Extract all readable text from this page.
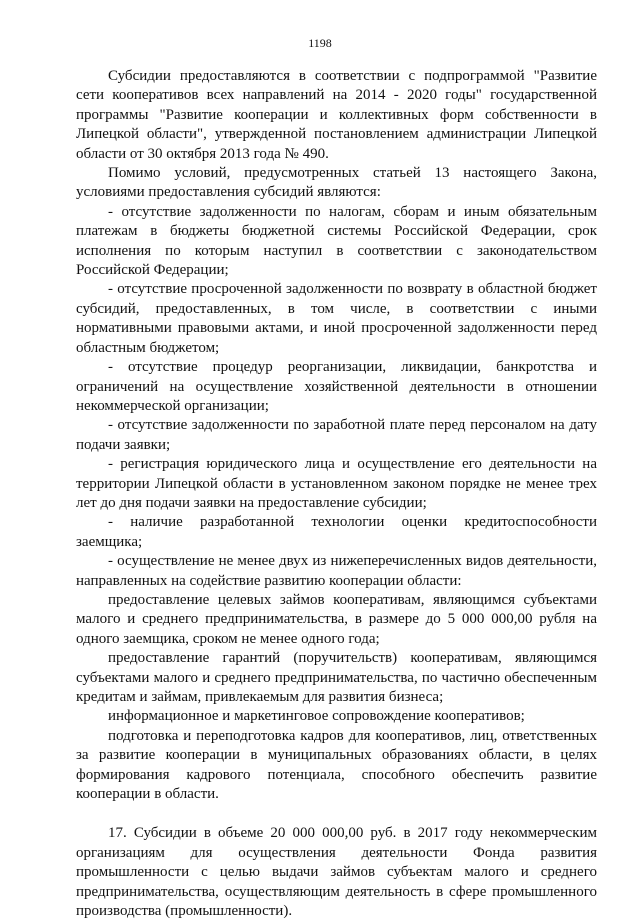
1198

Субсидии предоставляются в соответствии с подпрограммой "Развитие сети кооперативов всех направлений на 2014 - 2020 годы" государственной программы "Развитие кооперации и коллективных форм собственности в Липецкой области", утвержденной постановлением администрации Липецкой области от 30 октября 2013 года № 490.

Помимо условий, предусмотренных статьей 13 настоящего Закона, условиями предоставления субсидий являются:

- отсутствие задолженности по налогам, сборам и иным обязательным платежам в бюджеты бюджетной системы Российской Федерации, срок исполнения по которым наступил в соответствии с законодательством Российской Федерации;

- отсутствие просроченной задолженности по возврату в областной бюджет субсидий, предоставленных, в том числе, в соответствии с иными нормативными правовыми актами, и иной просроченной задолженности перед областным бюджетом;

- отсутствие процедур реорганизации, ликвидации, банкротства и ограничений на осуществление хозяйственной деятельности в отношении некоммерческой организации;

- отсутствие задолженности по заработной плате перед персоналом на дату подачи заявки;

- регистрация юридического лица и осуществление его деятельности на территории Липецкой области в установленном законом порядке не менее трех лет до дня подачи заявки на предоставление субсидии;

- наличие разработанной технологии оценки кредитоспособности заемщика;

- осуществление не менее двух из нижеперечисленных видов деятельности, направленных на содействие развитию кооперации области:

предоставление целевых займов кооперативам, являющимся субъектами малого и среднего предпринимательства, в размере до 5 000 000,00 рубля на одного заемщика, сроком не менее одного года;

предоставление гарантий (поручительств) кооперативам, являющимся субъектами малого и среднего предпринимательства, по частично обеспеченным кредитам и займам, привлекаемым для развития бизнеса;

информационное и маркетинговое сопровождение кооперативов;

подготовка и переподготовка кадров для кооперативов, лиц, ответственных за развитие кооперации в муниципальных образованиях области, в целях формирования кадрового потенциала, способного обеспечить развитие кооперации в области.

17. Субсидии в объеме 20 000 000,00 руб. в 2017 году некоммерческим организациям для осуществления деятельности Фонда развития промышленности с целью выдачи займов субъектам малого и среднего предпринимательства, осуществляющим деятельность в сфере промышленного производства (промышленности).
